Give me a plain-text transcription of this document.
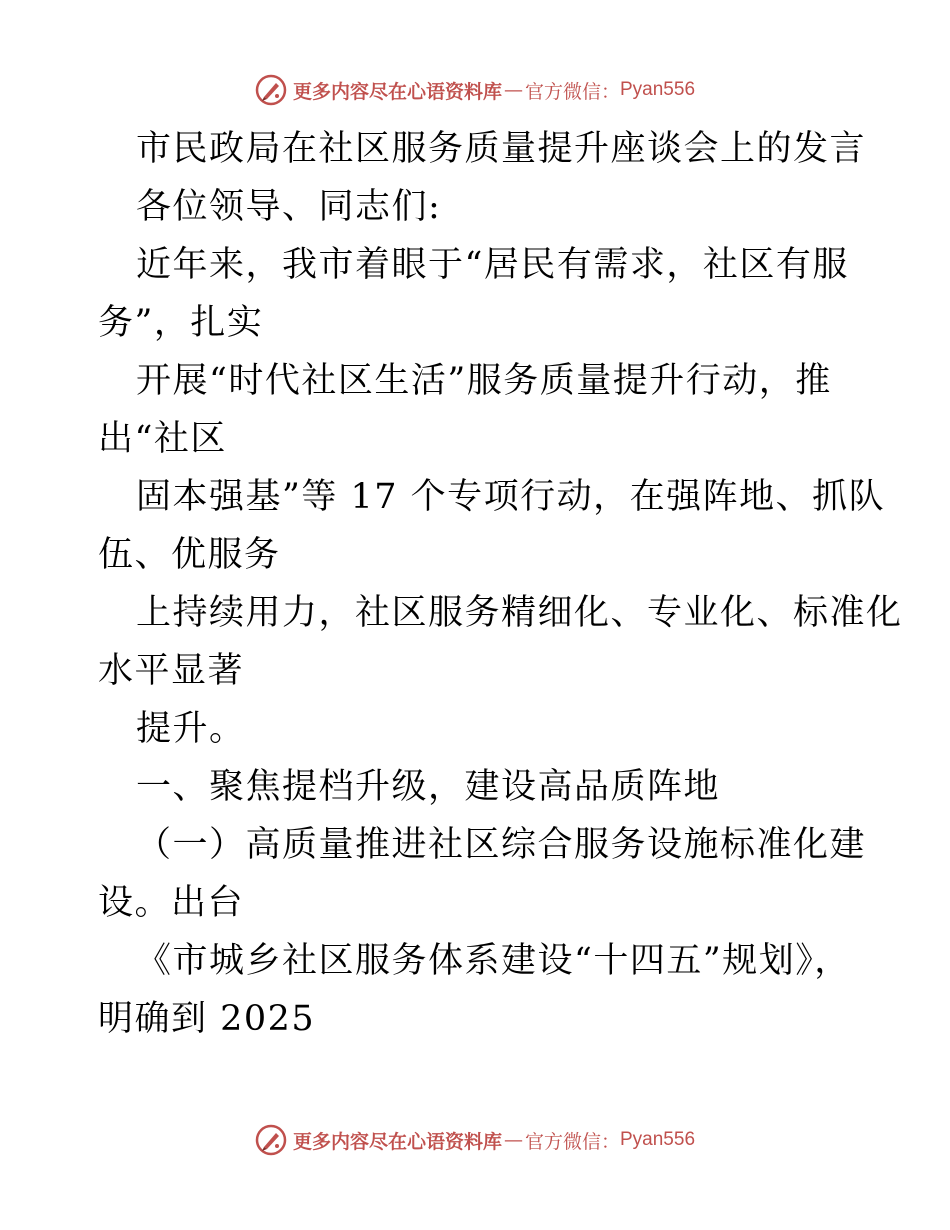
更多内容尽在心语资料库 — 官方微信： Pyan556
市民政局在社区服务质量提升座谈会上的发言
各位领导、同志们:
近年来，我市着眼于“居民有需求，社区有服
务”，扎实
开展“时代社区生活”服务质量提升行动，推
出“社区
固本强基”等 17 个专项行动，在强阵地、抓队
伍、优服务
上持续用力，社区服务精细化、专业化、标准化
水平显著
提升。
一、聚焦提档升级，建设高品质阵地
（一）高质量推进社区综合服务设施标准化建
设。出台
《市城乡社区服务体系建设“十四五”规划》，
明确到 2025
更多内容尽在心语资料库 — 官方微信： Pyan556
